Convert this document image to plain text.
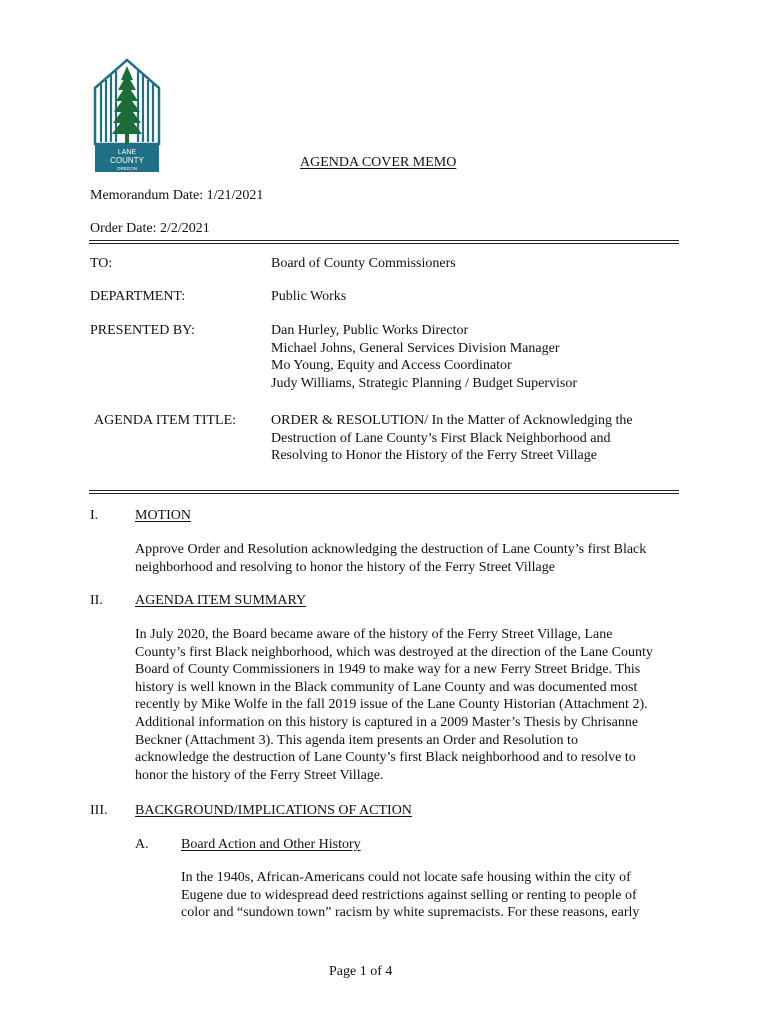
LANE
COUNTY
OREGON	AGENDA COVER MEMO
Memorandum Date: 1/21/2021
Order Date: 2/2/2021
TO:	Board of County Commissioners
DEPARTMENT:	Public Works
PRESENTED BY:	Dan Hurley, Public Works Director
Michael Johns, General Services Division Manager
Mo Young, Equity and Access Coordinator
Judy Williams, Strategic Planning / Budget Supervisor
AGENDA ITEM TITLE: ORDER & RESOLUTION/ In the Matter of Acknowledging the
Destruction of Lane County’s First Black Neighborhood and
Resolving to Honor the History of the Ferry Street Village
I.	MOTION
Approve Order and Resolution acknowledging the destruction of Lane County’s first Black
neighborhood and resolving to honor the history of the Ferry Street Village
II. AGENDA ITEM SUMMARY
In July 2020, the Board became aware of the history of the Ferry Street Village, Lane
County’s first Black neighborhood, which was destroyed at the direction of the Lane County
Board of County Commissioners in 1949 to make way for a new Ferry Street Bridge. This
history is well known in the Black community of Lane County and was documented most
recently by Mike Wolfe in the fall 2019 issue of the Lane County Historian (Attachment 2).
Additional information on this history is captured in a 2009 Master’s Thesis by Chrisanne
Beckner (Attachment 3). This agenda item presents an Order and Resolution to
acknowledge the destruction of Lane County’s first Black neighborhood and to resolve to
honor the history of the Ferry Street Village.
III. BACKGROUND/IMPLICATIONS OF ACTION
A. Board Action and Other History
In the 1940s, African-Americans could not locate safe housing within the city of
Eugene due to widespread deed restrictions against selling or renting to people of
color and “sundown town” racism by white supremacists. For these reasons, early
Page 1 of 4
